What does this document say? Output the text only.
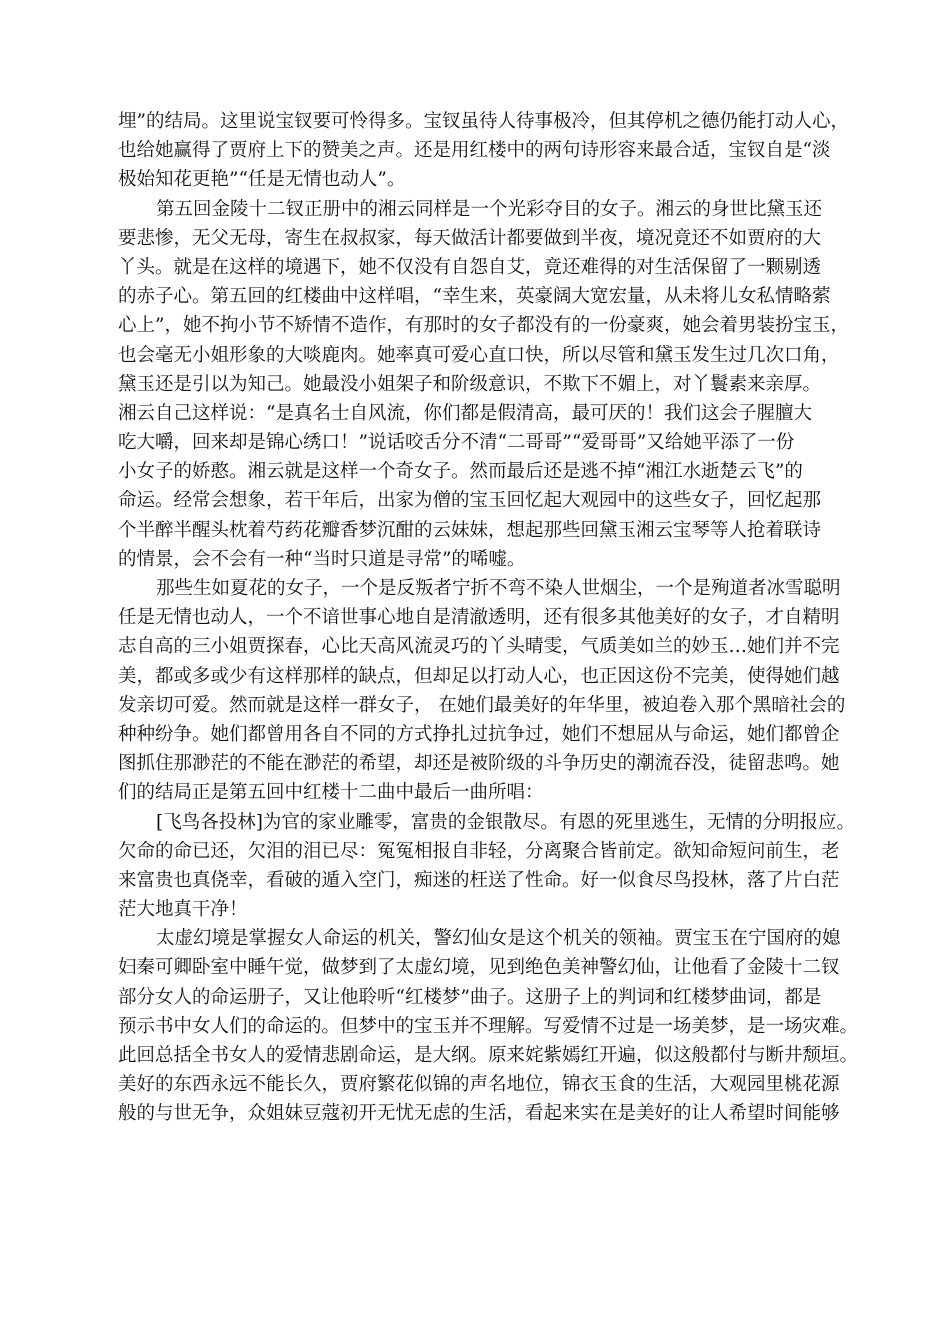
埋”的结局。这里说宝钗要可怜得多。宝钗虽待人待事极冷，但其停机之德仍能打动人心，
也给她赢得了贾府上下的赞美之声。还是用红楼中的两句诗形容来最合适，宝钗自是“淡
极始知花更艳”“任是无情也动人”。
第五回金陵十二钗正册中的湘云同样是一个光彩夺目的女子。湘云的身世比黛玉还
要悲惨，无父无母，寄生在叔叔家，每天做活计都要做到半夜，境况竟还不如贾府的大
丫头。就是在这样的境遇下，她不仅没有自怨自艾，竟还难得的对生活保留了一颗剔透
的赤子心。第五回的红楼曲中这样唱，“幸生来，英豪阔大宽宏量，从未将儿女私情略萦
心上”，她不拘小节不矫情不造作，有那时的女子都没有的一份豪爽，她会着男装扮宝玉，
也会毫无小姐形象的大啖鹿肉。她率真可爱心直口快，所以尽管和黛玉发生过几次口角，
黛玉还是引以为知己。她最没小姐架子和阶级意识，不欺下不媚上，对丫鬟素来亲厚。
湘云自己这样说：“是真名士自风流，你们都是假清高，最可厌的！我们这会子腥膻大
吃大嚼，回来却是锦心绣口！”说话咬舌分不清“二哥哥”“爱哥哥”又给她平添了一份
小女子的娇憨。湘云就是这样一个奇女子。然而最后还是逃不掉“湘江水逝楚云飞”的
命运。经常会想象，若干年后，出家为僧的宝玉回忆起大观园中的这些女子，回忆起那
个半醉半醒头枕着芍药花瓣香梦沉酣的云妹妹，想起那些回黛玉湘云宝琴等人抢着联诗
的情景，会不会有一种“当时只道是寻常”的唏嘘。
那些生如夏花的女子，一个是反叛者宁折不弯不染人世烟尘，一个是殉道者冰雪聪明
任是无情也动人，一个不谙世事心地自是清澈透明，还有很多其他美好的女子，才自精明
志自高的三小姐贾探春，心比天高风流灵巧的丫头晴雯，气质美如兰的妙玉…她们并不完
美，都或多或少有这样那样的缺点，但却足以打动人心，也正因这份不完美，使得她们越
发亲切可爱。然而就是这样一群女子， 在她们最美好的年华里，被迫卷入那个黑暗社会的
种种纷争。她们都曾用各自不同的方式挣扎过抗争过，她们不想屈从与命运，她们都曾企
图抓住那渺茫的不能在渺茫的希望，却还是被阶级的斗争历史的潮流吞没，徒留悲鸣。她
们的结局正是第五回中红楼十二曲中最后一曲所唱：
[飞鸟各投林]为官的家业雕零，富贵的金银散尽。有恩的死里逃生，无情的分明报应。
欠命的命已还，欠泪的泪已尽：冤冤相报自非轻，分离聚合皆前定。欲知命短问前生，老
来富贵也真侥幸，看破的遁入空门，痴迷的枉送了性命。好一似食尽鸟投林，落了片白茫
茫大地真干净！
太虚幻境是掌握女人命运的机关，警幻仙女是这个机关的领袖。贾宝玉在宁国府的媳
妇秦可卿卧室中睡午觉，做梦到了太虚幻境，见到绝色美神警幻仙，让他看了金陵十二钗
部分女人的命运册子，又让他聆听“红楼梦”曲子。这册子上的判词和红楼梦曲词，都是
预示书中女人们的命运的。但梦中的宝玉并不理解。写爱情不过是一场美梦，是一场灾难。
此回总括全书女人的爱情悲剧命运，是大纲。原来姹紫嫣红开遍，似这般都付与断井颓垣。
美好的东西永远不能长久，贾府繁花似锦的声名地位，锦衣玉食的生活，大观园里桃花源
般的与世无争，众姐妹豆蔻初开无忧无虑的生活，看起来实在是美好的让人希望时间能够
